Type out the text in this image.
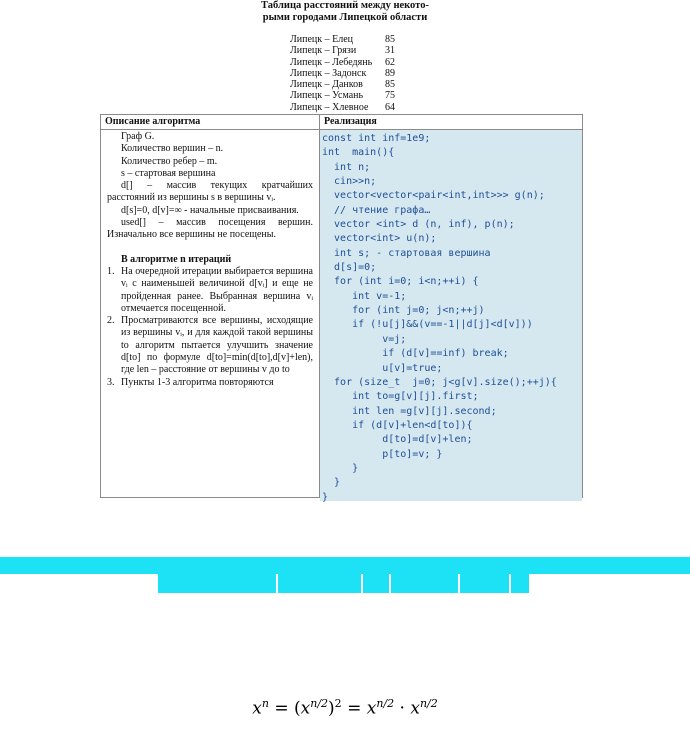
Таблица расстояний между некото-
рыми городами Липецкой области
Липецк – Елец	85
Липецк – Грязи	31
Липецк – Лебедянь	62
Липецк – Задонск	89
Липецк – Данков	85
Липецк – Усмань	75
Липецк – Хлевное	64
Описание алгоритма

Граф G.

Количество вершин – n.

Количество ребер – m.

s – стартовая вершина

d[] – массив текущих кратчайших расстояний из вершины s в вершины vᵢ.

d[s]=0, d[v]=∞ - начальные присваивания.

used[] – массив посещения вершин. Изначально все вершины не посещены.

В алгоритме n итераций

1. На очередной итерации выбирается вершина vᵢ с наименьшей величиной d[vᵢ] и еще не пройденная ранее. Выбранная вершина vᵢ отмечается посещенной.
2. Просматриваются все вершины, исходящие из вершины vᵢ, и для каждой такой вершины to алгоритм пытается улучшить значение d[to] по формуле d[to]=min(d[to],d[v]+len), где len – расстояние от вершины v до to
3. Пункты 1-3 алгоритма повторяются
Реализация
const int inf=1e9;
int  main(){
int n;
cin>>n;
vector<vector<pair<int,int>>> g(n);
// чтение графа…
vector <int> d (n, inf), p(n);
vector<int> u(n);
int s; - стартовая вершина
d[s]=0;
for (int i=0; i<n;++i) {
int v=-1;
for (int j=0; j<n;++j)
if (!u[j]&&(v==-1||d[j]<d[v]))
v=j;
if (d[v]==inf) break;
u[v]=true;
for (size_t  j=0; j<g[v].size();++j){
int to=g[v][j].first;
int len =g[v][j].second;
if (d[v]+len<d[to]){
d[to]=d[v]+len;
p[to]=v; }
}
}
}
$x^n = (x^{n/2})^2 = x^{n/2} \cdot x^{n/2}$
